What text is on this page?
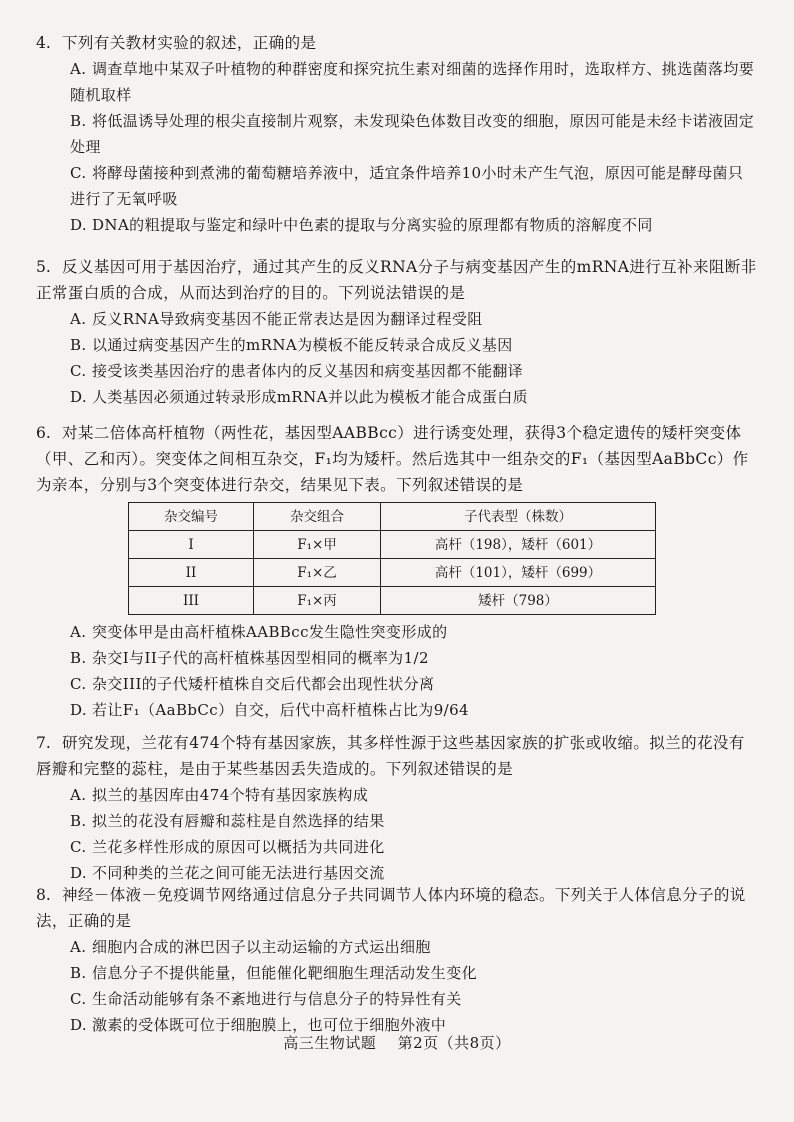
4. 下列有关教材实验的叙述，正确的是
A. 调查草地中某双子叶植物的种群密度和探究抗生素对细菌的选择作用时，选取样方、挑选菌落均要随机取样
B. 将低温诱导处理的根尖直接制片观察，未发现染色体数目改变的细胞，原因可能是未经卡诺液固定处理
C. 将酵母菌接种到煮沸的葡萄糖培养液中，适宜条件培养10小时未产生气泡，原因可能是酵母菌只进行了无氧呼吸
D. DNA的粗提取与鉴定和绿叶中色素的提取与分离实验的原理都有物质的溶解度不同
5. 反义基因可用于基因治疗，通过其产生的反义RNA分子与病变基因产生的mRNA进行互补来阻断非正常蛋白质的合成，从而达到治疗的目的。下列说法错误的是
A. 反义RNA导致病变基因不能正常表达是因为翻译过程受阻
B. 以通过病变基因产生的mRNA为模板不能反转录合成反义基因
C. 接受该类基因治疗的患者体内的反义基因和病变基因都不能翻译
D. 人类基因必须通过转录形成mRNA并以此为模板才能合成蛋白质
6. 对某二倍体高杆植物（两性花，基因型AABBcc）进行诱变处理，获得3个稳定遗传的矮杆突变体（甲、乙和丙）。突变体之间相互杂交，F₁均为矮杆。然后选其中一组杂交的F₁（基因型AaBbCc）作为亲本，分别与3个突变体进行杂交，结果见下表。下列叙述错误的是
杂交编号	杂交组合	子代表型（株数）
I	F₁×甲	高杆（198），矮杆（601）
II	F₁×乙	高杆（101），矮杆（699）
III	F₁×丙	矮杆（798）
A. 突变体甲是由高杆植株AABBcc发生隐性突变形成的
B. 杂交I与II子代的高杆植株基因型相同的概率为1/2
C. 杂交III的子代矮杆植株自交后代都会出现性状分离
D. 若让F₁（AaBbCc）自交，后代中高杆植株占比为9/64
7. 研究发现，兰花有474个特有基因家族，其多样性源于这些基因家族的扩张或收缩。拟兰的花没有唇瓣和完整的蕊柱，是由于某些基因丢失造成的。下列叙述错误的是
A. 拟兰的基因库由474个特有基因家族构成
B. 拟兰的花没有唇瓣和蕊柱是自然选择的结果
C. 兰花多样性形成的原因可以概括为共同进化
D. 不同种类的兰花之间可能无法进行基因交流
8. 神经－体液－免疫调节网络通过信息分子共同调节人体内环境的稳态。下列关于人体信息分子的说法，正确的是
A. 细胞内合成的淋巴因子以主动运输的方式运出细胞
B. 信息分子不提供能量，但能催化靶细胞生理活动发生变化
C. 生命活动能够有条不紊地进行与信息分子的特异性有关
D. 激素的受体既可位于细胞膜上，也可位于细胞外液中
高三生物试题 第2页（共8页）
